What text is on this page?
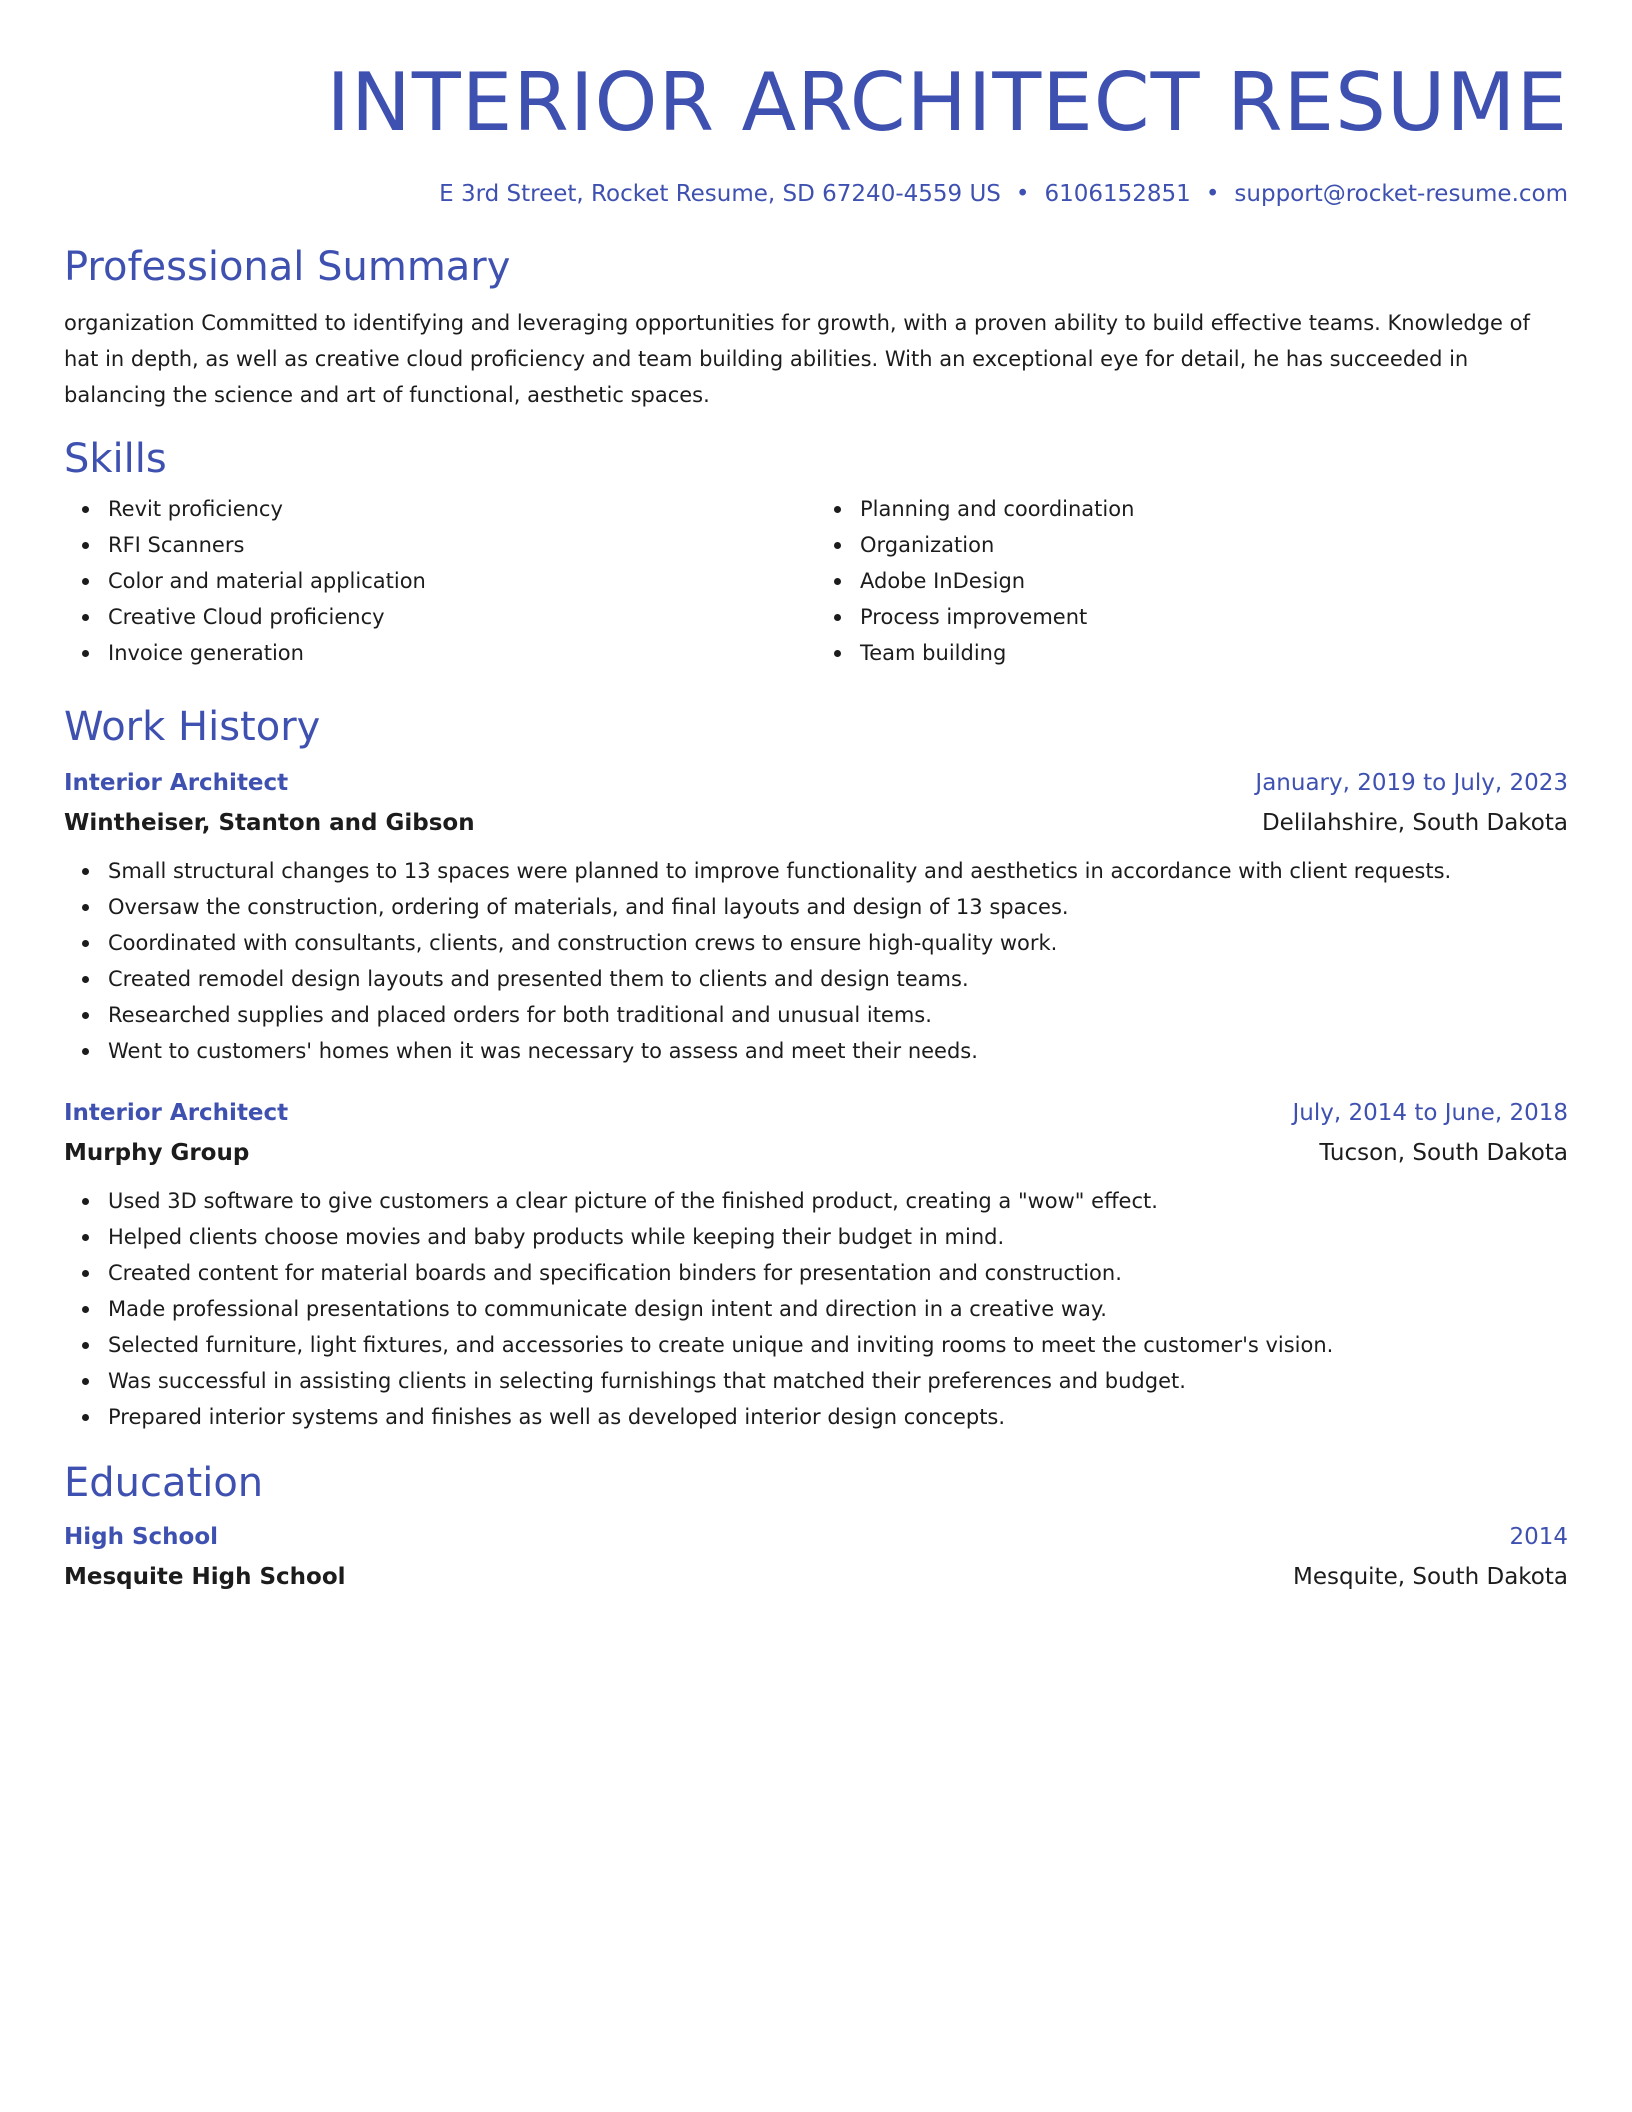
INTERIOR ARCHITECT RESUME
E 3rd Street, Rocket Resume, SD 67240-4559 US • 6106152851 • support@rocket-resume.com
Professional Summary

organization Committed to identifying and leveraging opportunities for growth, with a proven ability to build effective teams. Knowledge of hat in depth, as well as creative cloud proficiency and team building abilities. With an exceptional eye for detail, he has succeeded in balancing the science and art of functional, aesthetic spaces.

Skills
Revit proficiency
RFI Scanners
Color and material application
Creative Cloud proficiency
Invoice generation
Planning and coordination
Organization
Adobe InDesign
Process improvement
Team building
Work History
Interior Architect	January, 2019 to July, 2023
Wintheiser, Stanton and Gibson	Delilahshire, South Dakota
Small structural changes to 13 spaces were planned to improve functionality and aesthetics in accordance with client requests.
Oversaw the construction, ordering of materials, and final layouts and design of 13 spaces.
Coordinated with consultants, clients, and construction crews to ensure high-quality work.
Created remodel design layouts and presented them to clients and design teams.
Researched supplies and placed orders for both traditional and unusual items.
Went to customers' homes when it was necessary to assess and meet their needs.
Interior Architect	July, 2014 to June, 2018
Murphy Group	Tucson, South Dakota
Used 3D software to give customers a clear picture of the finished product, creating a "wow" effect.
Helped clients choose movies and baby products while keeping their budget in mind.
Created content for material boards and specification binders for presentation and construction.
Made professional presentations to communicate design intent and direction in a creative way.
Selected furniture, light fixtures, and accessories to create unique and inviting rooms to meet the customer's vision.
Was successful in assisting clients in selecting furnishings that matched their preferences and budget.
Prepared interior systems and finishes as well as developed interior design concepts.
Education
High School	2014
Mesquite High School	Mesquite, South Dakota
